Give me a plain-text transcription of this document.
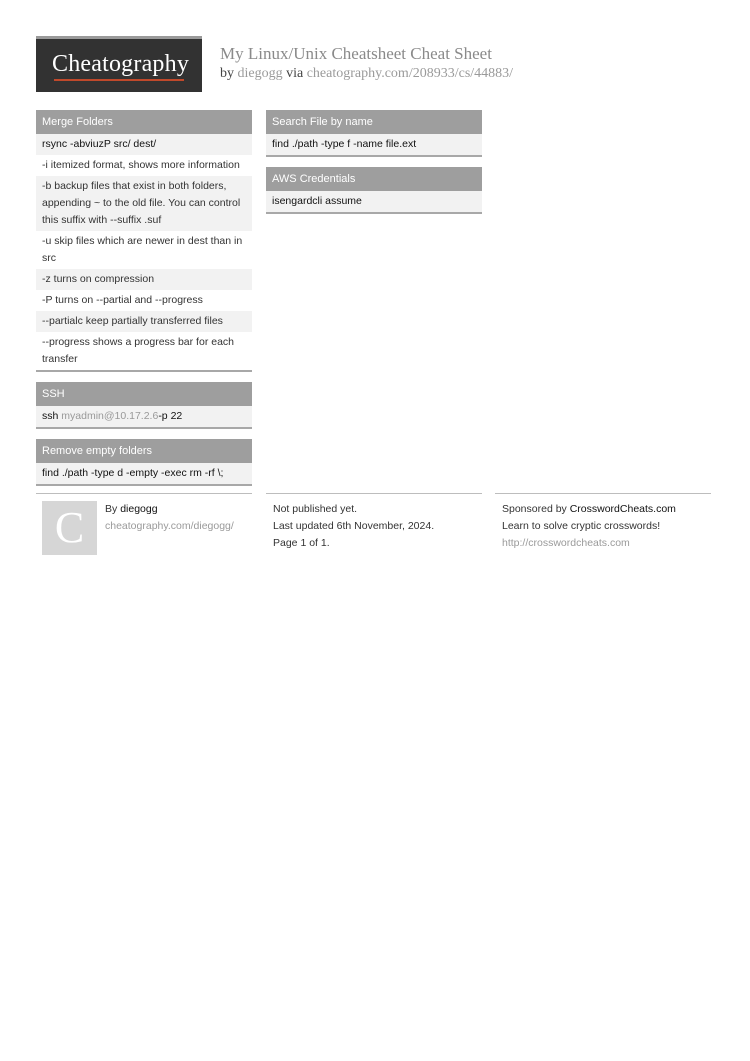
Cheatography My Linux/Unix Cheatsheet Cheat Sheet
by diegogg via cheatography.com/208933/cs/44883/
Merge Folders
rsync -abviuzP src/ dest/
-i itemized format, shows more information
-b backup files that exist in both folders, appending ~ to the old file. You can control this suffix with --suffix .suf
-u skip files which are newer in dest than in src
-z turns on compression
-P turns on --partial and --progress
--partialc keep partially transferred files
--progress shows a progress bar for each transfer
SSH
ssh myadmin@10.17.2.6-p 22
Remove empty folders
find ./path -type d -empty -exec rm -rf \;
Search File by name
find ./path -type f -name file.ext
AWS Credentials
isengardcli assume
C	By diegogg
cheatography.com/diegogg/
Not published yet.
Last updated 6th November, 2024.
Page 1 of 1.
Sponsored by CrosswordCheats.com
Learn to solve cryptic crosswords!
http://crosswordcheats.com
